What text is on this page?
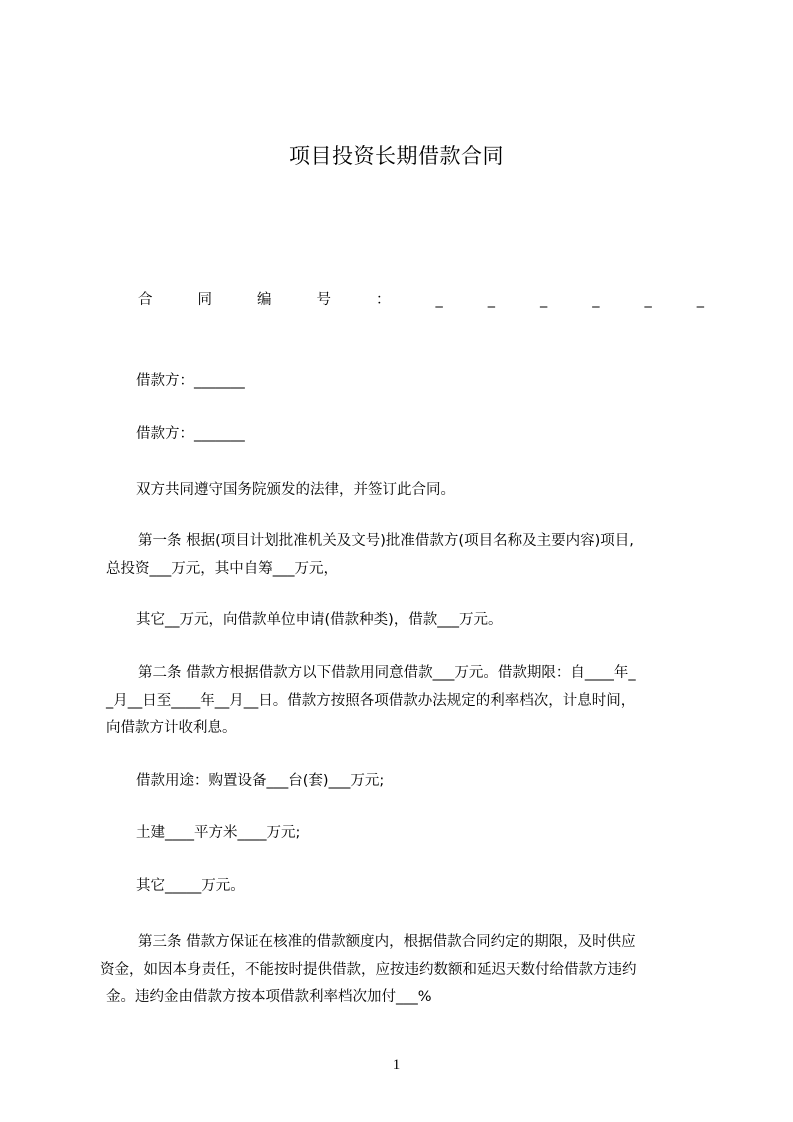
项目投资长期借款合同
合	同	编	号	：	_	_	_	_	_	_
借款方：_______
借款方：_______
双方共同遵守国务院颁发的法律，并签订此合同。
第一条 根据(项目计划批准机关及文号)批准借款方(项目名称及主要内容)项目,
总投资___万元，其中自筹___万元，
其它__万元，向借款单位申请(借款种类)，借款___万元。
第二条 借款方根据借款方以下借款用同意借款___万元。借款期限：自____年_
_月__日至____年__月__日。借款方按照各项借款办法规定的利率档次，计息时间，
向借款方计收利息。
借款用途：购置设备___台(套)___万元;
土建____平方米____万元;
其它_____万元。
第三条 借款方保证在核准的借款额度内，根据借款合同约定的期限，及时供应
资金，如因本身责任，不能按时提供借款，应按违约数额和延迟天数付给借款方违约
金。违约金由借款方按本项借款利率档次加付___%
1
